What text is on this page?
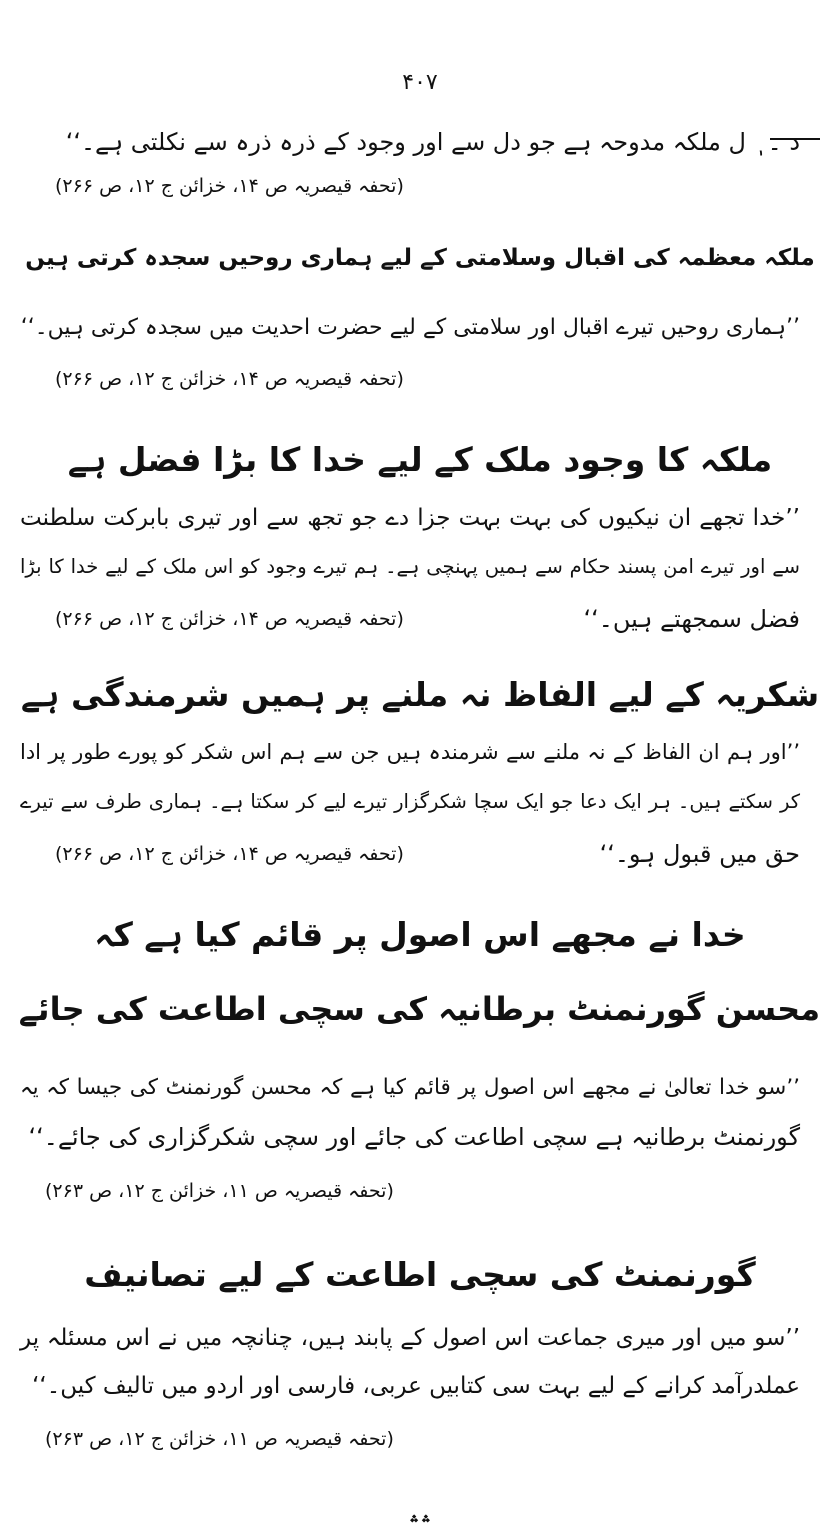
۴۰۷
د ۔ ٖ ل ملکہ مدوحہ ہے جو دل سے اور وجود کے ذرہ ذرہ سے نکلتی ہے۔‘‘
(تحفہ قیصریہ ص ۱۴، خزائن ج ۱۲، ص ۲۶۶)
ملکہ معظمہ کی اقبال وسلامتی کے لیے ہماری روحیں سجدہ کرتی ہیں
’’ہماری روحیں تیرے اقبال اور سلامتی کے لیے حضرت احدیت میں سجدہ کرتی ہیں۔‘‘
(تحفہ قیصریہ ص ۱۴، خزائن ج ۱۲، ص ۲۶۶)
ملکہ کا وجود ملک کے لیے خدا کا بڑا فضل ہے
’’خدا تجھے ان نیکیوں کی بہت بہت جزا دے جو تجھ سے اور تیری بابرکت سلطنت
سے اور تیرے امن پسند حکام سے ہمیں پہنچی ہے۔ ہم تیرے وجود کو اس ملک کے لیے خدا کا بڑا
فضل سمجھتے ہیں۔‘‘
(تحفہ قیصریہ ص ۱۴، خزائن ج ۱۲، ص ۲۶۶)
شکریہ کے لیے الفاظ نہ ملنے پر ہمیں شرمندگی ہے
’’اور ہم ان الفاظ کے نہ ملنے سے شرمندہ ہیں جن سے ہم اس شکر کو پورے طور پر ادا
کر سکتے ہیں۔ ہر ایک دعا جو ایک سچا شکرگزار تیرے لیے کر سکتا ہے۔ ہماری طرف سے تیرے
حق میں قبول ہو۔‘‘
(تحفہ قیصریہ ص ۱۴، خزائن ج ۱۲، ص ۲۶۶)
خدا نے مجھے اس اصول پر قائم کیا ہے کہ
محسن گورنمنٹ برطانیہ کی سچی اطاعت کی جائے
’’سو خدا تعالیٰ نے مجھے اس اصول پر قائم کیا ہے کہ محسن گورنمنٹ کی جیسا کہ یہ
گورنمنٹ برطانیہ ہے سچی اطاعت کی جائے اور سچی شکرگزاری کی جائے۔‘‘
(تحفہ قیصریہ ص ۱۱، خزائن ج ۱۲، ص ۲۶۳)
گورنمنٹ کی سچی اطاعت کے لیے تصانیف
’’سو میں اور میری جماعت اس اصول کے پابند ہیں، چنانچہ میں نے اس مسئلہ پر
عملدرآمد کرانے کے لیے بہت سی کتابیں عربی، فارسی اور اردو میں تالیف کیں۔‘‘
(تحفہ قیصریہ ص ۱۱، خزائن ج ۱۲، ص ۲۶۳)
؞؞
